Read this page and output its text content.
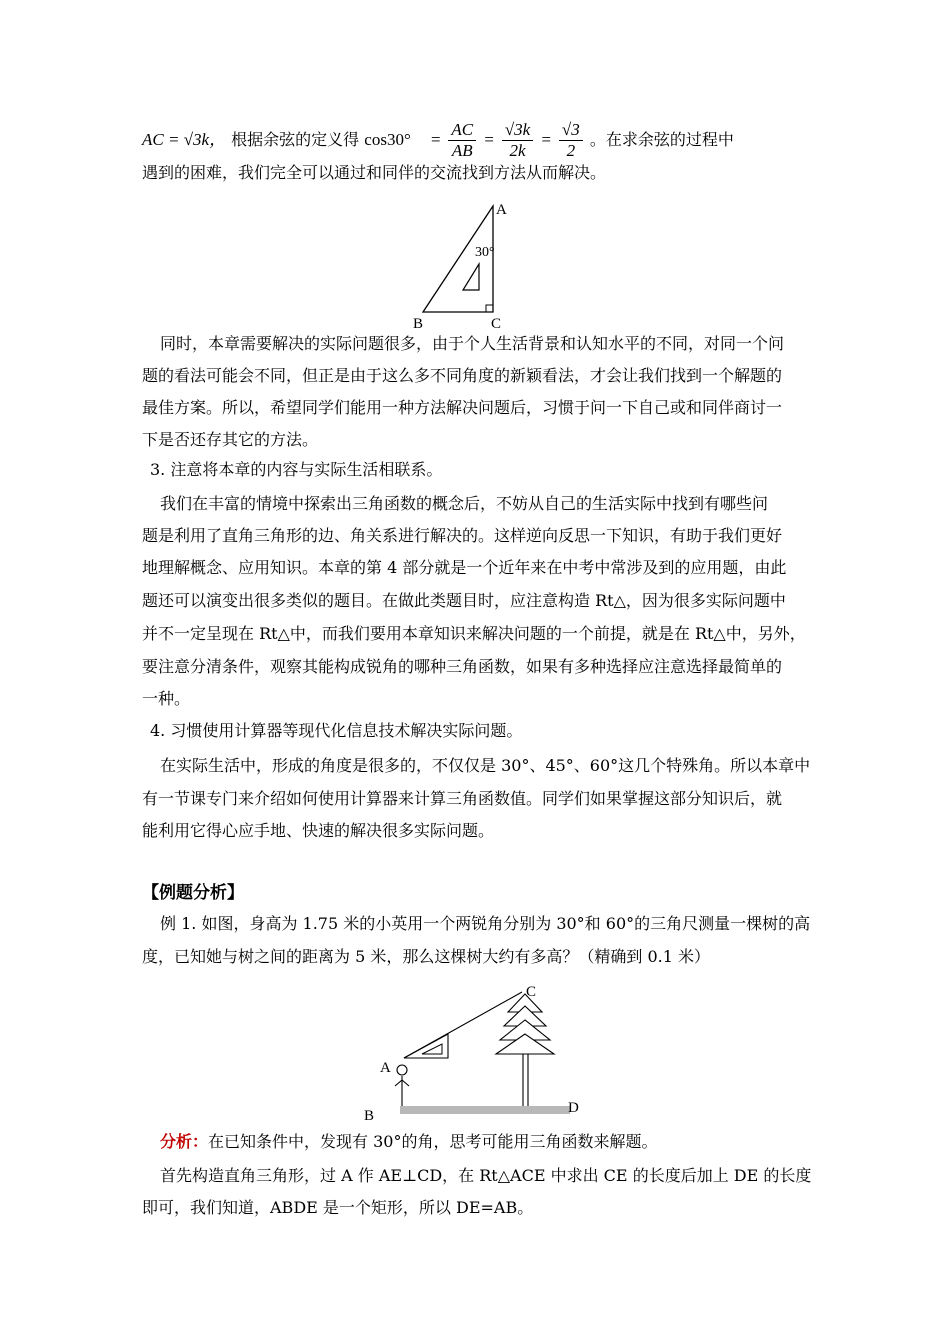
AC = √3k， 根据余弦的定义得 $\cos 30^\circ = \frac{AC}{AB} = \frac{√3k}{2k} = \frac{√3}{2}$ 。在求余弦的过程中
遇到的困难，我们完全可以通过和同伴的交流找到方法从而解决。
A
30°
B	C
同时，本章需要解决的实际问题很多，由于个人生活背景和认知水平的不同，对同一个问
题的看法可能会不同，但正是由于这么多不同角度的新颖看法，才会让我们找到一个解题的
最佳方案。所以，希望同学们能用一种方法解决问题后，习惯于问一下自己或和同伴商讨一
下是否还存其它的方法。
3. 注意将本章的内容与实际生活相联系。
我们在丰富的情境中探索出三角函数的概念后，不妨从自己的生活实际中找到有哪些问
题是利用了直角三角形的边、角关系进行解决的。这样逆向反思一下知识，有助于我们更好
地理解概念、应用知识。本章的第 4 部分就是一个近年来在中考中常涉及到的应用题，由此
题还可以演变出很多类似的题目。在做此类题目时，应注意构造 Rt△，因为很多实际问题中
并不一定呈现在 Rt△中，而我们要用本章知识来解决问题的一个前提，就是在 Rt△中，另外，
要注意分清条件，观察其能构成锐角的哪种三角函数，如果有多种选择应注意选择最简单的
一种。
4. 习惯使用计算器等现代化信息技术解决实际问题。
在实际生活中，形成的角度是很多的，不仅仅是 30°、45°、60°这几个特殊角。所以本章中
有一节课专门来介绍如何使用计算器来计算三角函数值。同学们如果掌握这部分知识后，就
能利用它得心应手地、快速的解决很多实际问题。
【例题分析】
例 1. 如图，身高为 1.75 米的小英用一个两锐角分别为 30°和 60°的三角尺测量一棵树的高
度，已知她与树之间的距离为 5 米，那么这棵树大约有多高？（精确到 0.1 米）
C
A
B	D
分析：在已知条件中，发现有 30°的角，思考可能用三角函数来解题。
首先构造直角三角形，过 A 作 AE⊥CD，在 Rt△ACE 中求出 CE 的长度后加上 DE 的长度
即可，我们知道，ABDE 是一个矩形，所以 DE=AB。
